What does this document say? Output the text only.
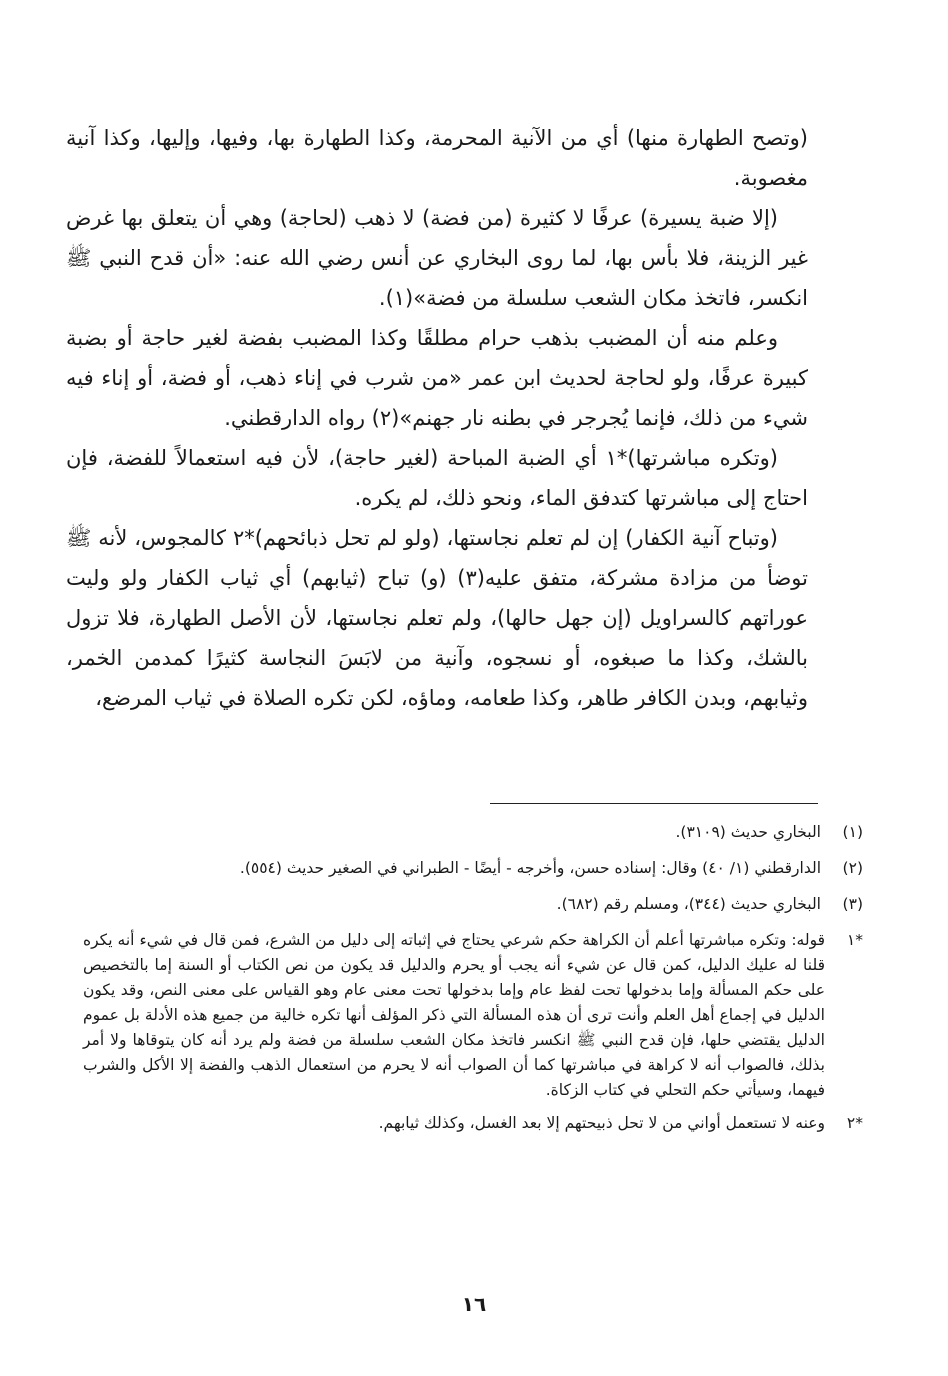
(وتصح الطهارة منها) أي من الآنية المحرمة، وكذا الطهارة بها، وفيها، وإليها، وكذا آنية مغصوبة.

(إلا ضبة يسيرة) عرفًا لا كثيرة (من فضة) لا ذهب (لحاجة) وهي أن يتعلق بها غرض غير الزينة، فلا بأس بها، لما روى البخاري عن أنس رضي الله عنه: «أن قدح النبي ﷺ انكسر، فاتخذ مكان الشعب سلسلة من فضة»(١).

وعلم منه أن المضبب بذهب حرام مطلقًا وكذا المضبب بفضة لغير حاجة أو بضبة كبيرة عرفًا، ولو لحاجة لحديث ابن عمر «من شرب في إناء ذهب، أو فضة، أو إناء فيه شيء من ذلك، فإنما يُجرجر في بطنه نار جهنم»(٢) رواه الدارقطني.

(وتكره مباشرتها)*١ أي الضبة المباحة (لغير حاجة)، لأن فيه استعمالاً للفضة، فإن احتاج إلى مباشرتها كتدفق الماء، ونحو ذلك، لم يكره.

(وتباح آنية الكفار) إن لم تعلم نجاستها، (ولو لم تحل ذبائحهم)*٢ كالمجوس، لأنه ﷺ توضأ من مزادة مشركة، متفق عليه(٣) (و) تباح (ثيابهم) أي ثياب الكفار ولو وليت عوراتهم كالسراويل (إن جهل حالها)، ولم تعلم نجاستها، لأن الأصل الطهارة، فلا تزول بالشك، وكذا ما صبغوه، أو نسجوه، وآنية من لابَسَ النجاسة كثيرًا كمدمن الخمر، وثيابهم، وبدن الكافر طاهر، وكذا طعامه، وماؤه، لكن تكره الصلاة في ثياب المرضع،

(١)
البخاري حديث (٣١٠٩).
(٢)
الدارقطني (١/ ٤٠) وقال: إسناده حسن، وأخرجه - أيضًا - الطبراني في الصغير حديث (٥٥٤).
(٣)
البخاري حديث (٣٤٤)، ومسلم رقم (٦٨٢).
*١
قوله: وتكره مباشرتها أعلم أن الكراهة حكم شرعي يحتاج في إثباته إلى دليل من الشرع، فمن قال في شيء أنه يكره قلنا له عليك الدليل، كمن قال عن شيء أنه يجب أو يحرم والدليل قد يكون من نص الكتاب أو السنة إما بالتخصيص على حكم المسألة وإما بدخولها تحت لفظ عام وإما بدخولها تحت معنى عام وهو القياس على معنى النص، وقد يكون الدليل في إجماع أهل العلم وأنت ترى أن هذه المسألة التي ذكر المؤلف أنها تكره خالية من جميع هذه الأدلة بل عموم الدليل يقتضي حلها، فإن قدح النبي ﷺ انكسر فاتخذ مكان الشعب سلسلة من فضة ولم يرد أنه كان يتوقاها ولا أمر بذلك، فالصواب أنه لا كراهة في مباشرتها كما أن الصواب أنه لا يحرم من استعمال الذهب والفضة إلا الأكل والشرب فيهما، وسيأتي حكم التحلي في كتاب الزكاة.
*٢
وعنه لا تستعمل أواني من لا تحل ذبيحتهم إلا بعد الغسل، وكذلك ثيابهم.
١٦
